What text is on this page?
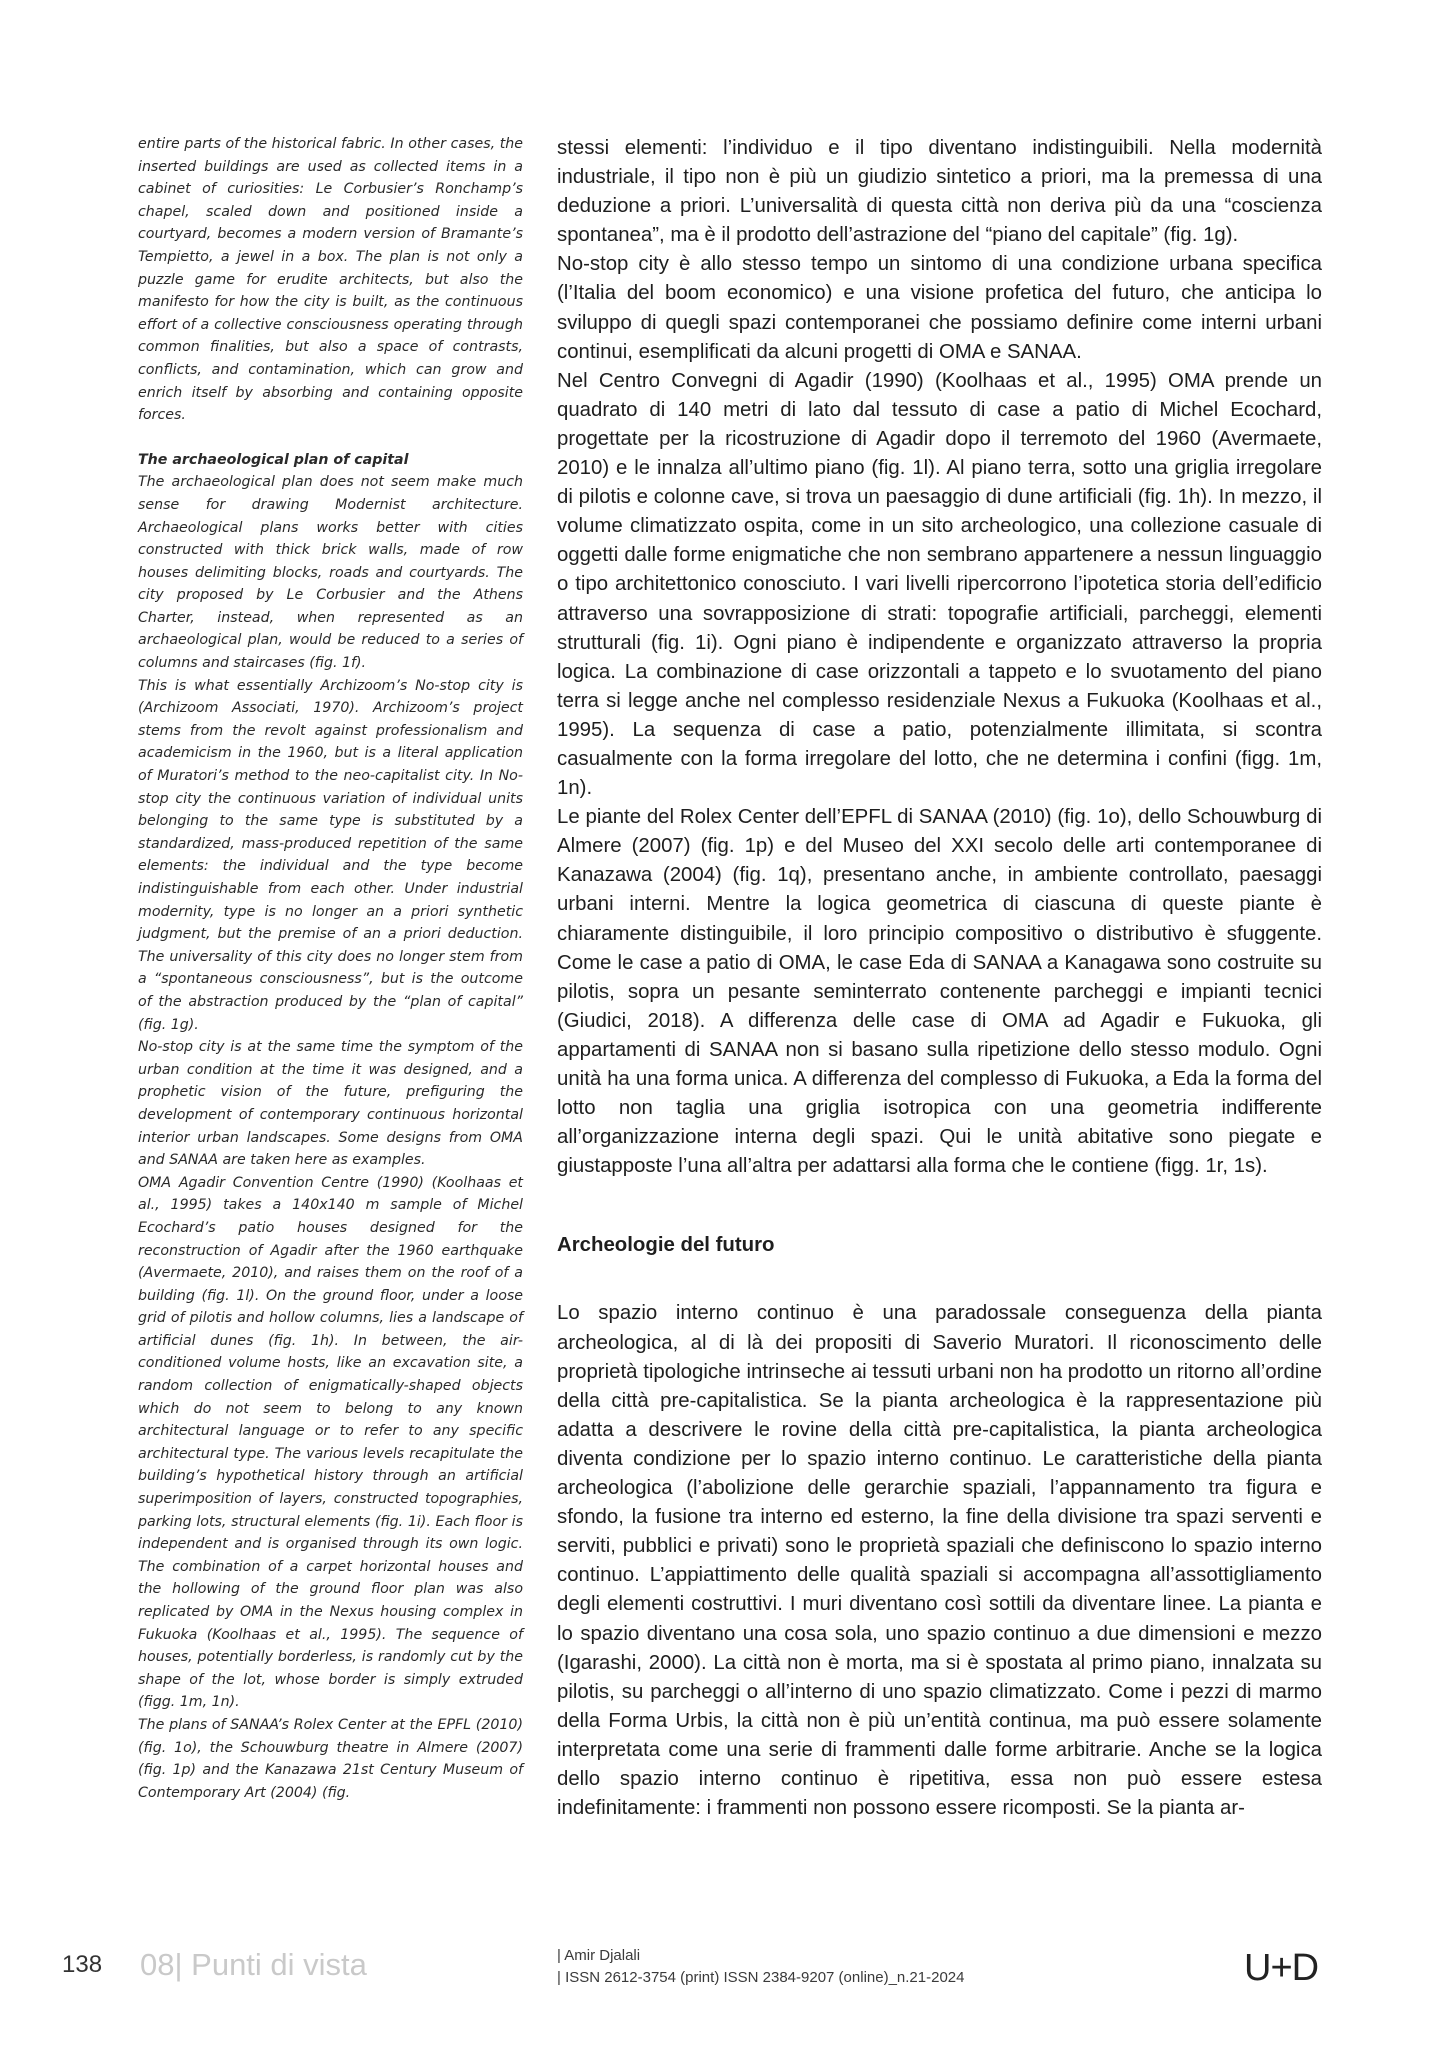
entire parts of the historical fabric. In other cases, the inserted buildings are used as collected items in a cabinet of curiosities: Le Corbusier’s Ronchamp’s chapel, scaled down and positioned inside a courtyard, becomes a modern version of Bramante’s Tempietto, a jewel in a box. The plan is not only a puzzle game for erudite architects, but also the manifesto for how the city is built, as the continuous effort of a collective consciousness operating through common finalities, but also a space of contrasts, conflicts, and contamination, which can grow and enrich itself by absorbing and containing opposite forces.

The archaeological plan of capital

The archaeological plan does not seem make much sense for drawing Modernist architecture. Archaeological plans works better with cities constructed with thick brick walls, made of row houses delimiting blocks, roads and courtyards. The city proposed by Le Corbusier and the Athens Charter, instead, when represented as an archaeological plan, would be reduced to a series of columns and staircases (fig. 1f).

This is what essentially Archizoom’s No-stop city is (Archizoom Associati, 1970). Archizoom’s project stems from the revolt against professionalism and academicism in the 1960, but is a literal application of Muratori’s method to the neo-capitalist city. In No-stop city the continuous variation of individual units belonging to the same type is substituted by a standardized, mass-produced repetition of the same elements: the individual and the type become indistinguishable from each other. Under industrial modernity, type is no longer an a priori synthetic judgment, but the premise of an a priori deduction. The universality of this city does no longer stem from a “spontaneous consciousness”, but is the outcome of the abstraction produced by the “plan of capital” (fig. 1g).

No-stop city is at the same time the symptom of the urban condition at the time it was designed, and a prophetic vision of the future, prefiguring the development of contemporary continuous horizontal interior urban landscapes. Some designs from OMA and SANAA are taken here as examples.

OMA Agadir Convention Centre (1990) (Koolhaas et al., 1995) takes a 140x140 m sample of Michel Ecochard’s patio houses designed for the reconstruction of Agadir after the 1960 earthquake (Avermaete, 2010), and raises them on the roof of a building (fig. 1l). On the ground floor, under a loose grid of pilotis and hollow columns, lies a landscape of artificial dunes (fig. 1h). In between, the air-conditioned volume hosts, like an excavation site, a random collection of enigmatically-shaped objects which do not seem to belong to any known architectural language or to refer to any specific architectural type. The various levels recapitulate the building’s hypothetical history through an artificial superimposition of layers, constructed topographies, parking lots, structural elements (fig. 1i). Each floor is independent and is organised through its own logic. The combination of a carpet horizontal houses and the hollowing of the ground floor plan was also replicated by OMA in the Nexus housing complex in Fukuoka (Koolhaas et al., 1995). The sequence of houses, potentially borderless, is randomly cut by the shape of the lot, whose border is simply extruded (figg. 1m, 1n).

The plans of SANAA’s Rolex Center at the EPFL (2010) (fig. 1o), the Schouwburg theatre in Almere (2007) (fig. 1p) and the Kanazawa 21st Century Museum of Contemporary Art (2004) (fig.

stessi elementi: l’individuo e il tipo diventano indistinguibili. Nella modernità industriale, il tipo non è più un giudizio sintetico a priori, ma la premessa di una deduzione a priori. L’universalità di questa città non deriva più da una “coscienza spontanea”, ma è il prodotto dell’astrazione del “piano del capitale” (fig. 1g).

No-stop city è allo stesso tempo un sintomo di una condizione urbana specifica (l’Italia del boom economico) e una visione profetica del futuro, che anticipa lo sviluppo di quegli spazi contemporanei che possiamo definire come interni urbani continui, esemplificati da alcuni progetti di OMA e SANAA.

Nel Centro Convegni di Agadir (1990) (Koolhaas et al., 1995) OMA prende un quadrato di 140 metri di lato dal tessuto di case a patio di Michel Ecochard, progettate per la ricostruzione di Agadir dopo il terremoto del 1960 (Avermaete, 2010) e le innalza all’ultimo piano (fig. 1l). Al piano terra, sotto una griglia irregolare di pilotis e colonne cave, si trova un paesaggio di dune artificiali (fig. 1h). In mezzo, il volume climatizzato ospita, come in un sito archeologico, una collezione casuale di oggetti dalle forme enigmatiche che non sembrano appartenere a nessun linguaggio o tipo architettonico conosciuto. I vari livelli ripercorrono l’ipotetica storia dell’edificio attraverso una sovrapposizione di strati: topografie artificiali, parcheggi, elementi strutturali (fig. 1i). Ogni piano è indipendente e organizzato attraverso la propria logica. La combinazione di case orizzontali a tappeto e lo svuotamento del piano terra si legge anche nel complesso residenziale Nexus a Fukuoka (Koolhaas et al., 1995). La sequenza di case a patio, potenzialmente illimitata, si scontra casualmente con la forma irregolare del lotto, che ne determina i confini (figg. 1m, 1n).

Le piante del Rolex Center dell’EPFL di SANAA (2010) (fig. 1o), dello Schouwburg di Almere (2007) (fig. 1p) e del Museo del XXI secolo delle arti contemporanee di Kanazawa (2004) (fig. 1q), presentano anche, in ambiente controllato, paesaggi urbani interni. Mentre la logica geometrica di ciascuna di queste piante è chiaramente distinguibile, il loro principio compositivo o distributivo è sfuggente. Come le case a patio di OMA, le case Eda di SANAA a Kanagawa sono costruite su pilotis, sopra un pesante seminterrato contenente parcheggi e impianti tecnici (Giudici, 2018). A differenza delle case di OMA ad Agadir e Fukuoka, gli appartamenti di SANAA non si basano sulla ripetizione dello stesso modulo. Ogni unità ha una forma unica. A differenza del complesso di Fukuoka, a Eda la forma del lotto non taglia una griglia isotropica con una geometria indifferente all’organizzazione interna degli spazi. Qui le unità abitative sono piegate e giustapposte l’una all’altra per adattarsi alla forma che le contiene (figg. 1r, 1s).

Archeologie del futuro

Lo spazio interno continuo è una paradossale conseguenza della pianta archeologica, al di là dei propositi di Saverio Muratori. Il riconoscimento delle proprietà tipologiche intrinseche ai tessuti urbani non ha prodotto un ritorno all’ordine della città pre-capitalistica. Se la pianta archeologica è la rappresentazione più adatta a descrivere le rovine della città pre-capitalistica, la pianta archeologica diventa condizione per lo spazio interno continuo. Le caratteristiche della pianta archeologica (l’abolizione delle gerarchie spaziali, l’appannamento tra figura e sfondo, la fusione tra interno ed esterno, la fine della divisione tra spazi serventi e serviti, pubblici e privati) sono le proprietà spaziali che definiscono lo spazio interno continuo. L’appiattimento delle qualità spaziali si accompagna all’assottigliamento degli elementi costruttivi. I muri diventano così sottili da diventare linee. La pianta e lo spazio diventano una cosa sola, uno spazio continuo a due dimensioni e mezzo (Igarashi, 2000). La città non è morta, ma si è spostata al primo piano, innalzata su pilotis, su parcheggi o all’interno di uno spazio climatizzato. Come i pezzi di marmo della Forma Urbis, la città non è più un’entità continua, ma può essere solamente interpretata come una serie di frammenti dalle forme arbitrarie. Anche se la logica dello spazio interno continuo è ripetitiva, essa non può essere estesa indefinitamente: i frammenti non possono essere ricomposti. Se la pianta ar-

138 08| Punti di vista	| Amir Djalali
| ISSN 2612-3754 (print) ISSN 2384-9207 (online)_n.21-2024	U+D
